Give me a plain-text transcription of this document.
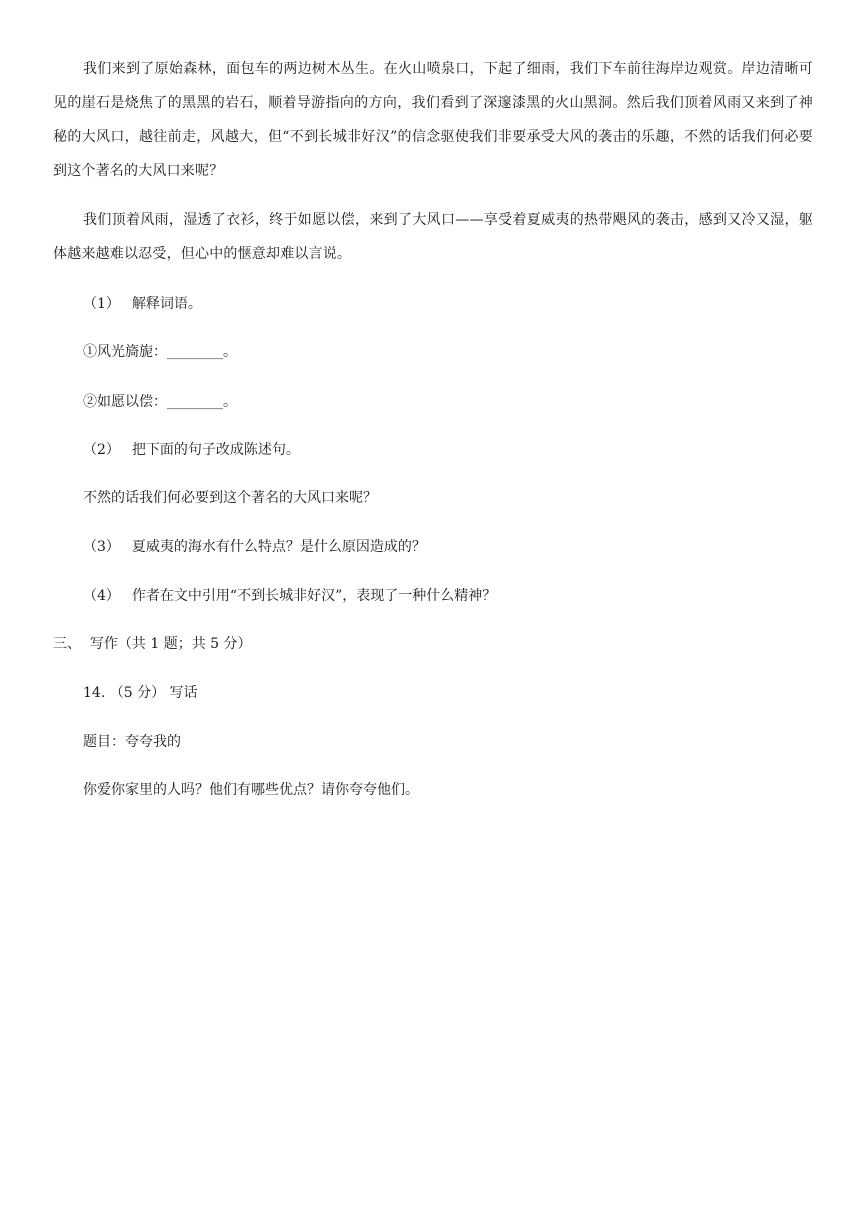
我们来到了原始森林，面包车的两边树木丛生。在火山喷泉口，下起了细雨，我们下车前往海岸边观赏。岸边清晰可见的崖石是烧焦了的黑黑的岩石，顺着导游指向的方向，我们看到了深邃漆黑的火山黑洞。然后我们顶着风雨又来到了神秘的大风口，越往前走，风越大，但“不到长城非好汉”的信念驱使我们非要承受大风的袭击的乐趣，不然的话我们何必要到这个著名的大风口来呢？

我们顶着风雨，湿透了衣衫，终于如愿以偿，来到了大风口——享受着夏威夷的热带飓风的袭击，感到又冷又湿，躯体越来越难以忍受，但心中的惬意却难以言说。

（1） 解释词语。

①风光旖旎：________。

②如愿以偿：________。

（2） 把下面的句子改成陈述句。

不然的话我们何必要到这个著名的大风口来呢？

（3） 夏威夷的海水有什么特点？是什么原因造成的？

（4） 作者在文中引用“不到长城非好汉”，表现了一种什么精神？

三、 写作（共 1 题；共 5 分）

14. （5 分） 写话

题目：夸夸我的

你爱你家里的人吗？他们有哪些优点？请你夸夸他们。
